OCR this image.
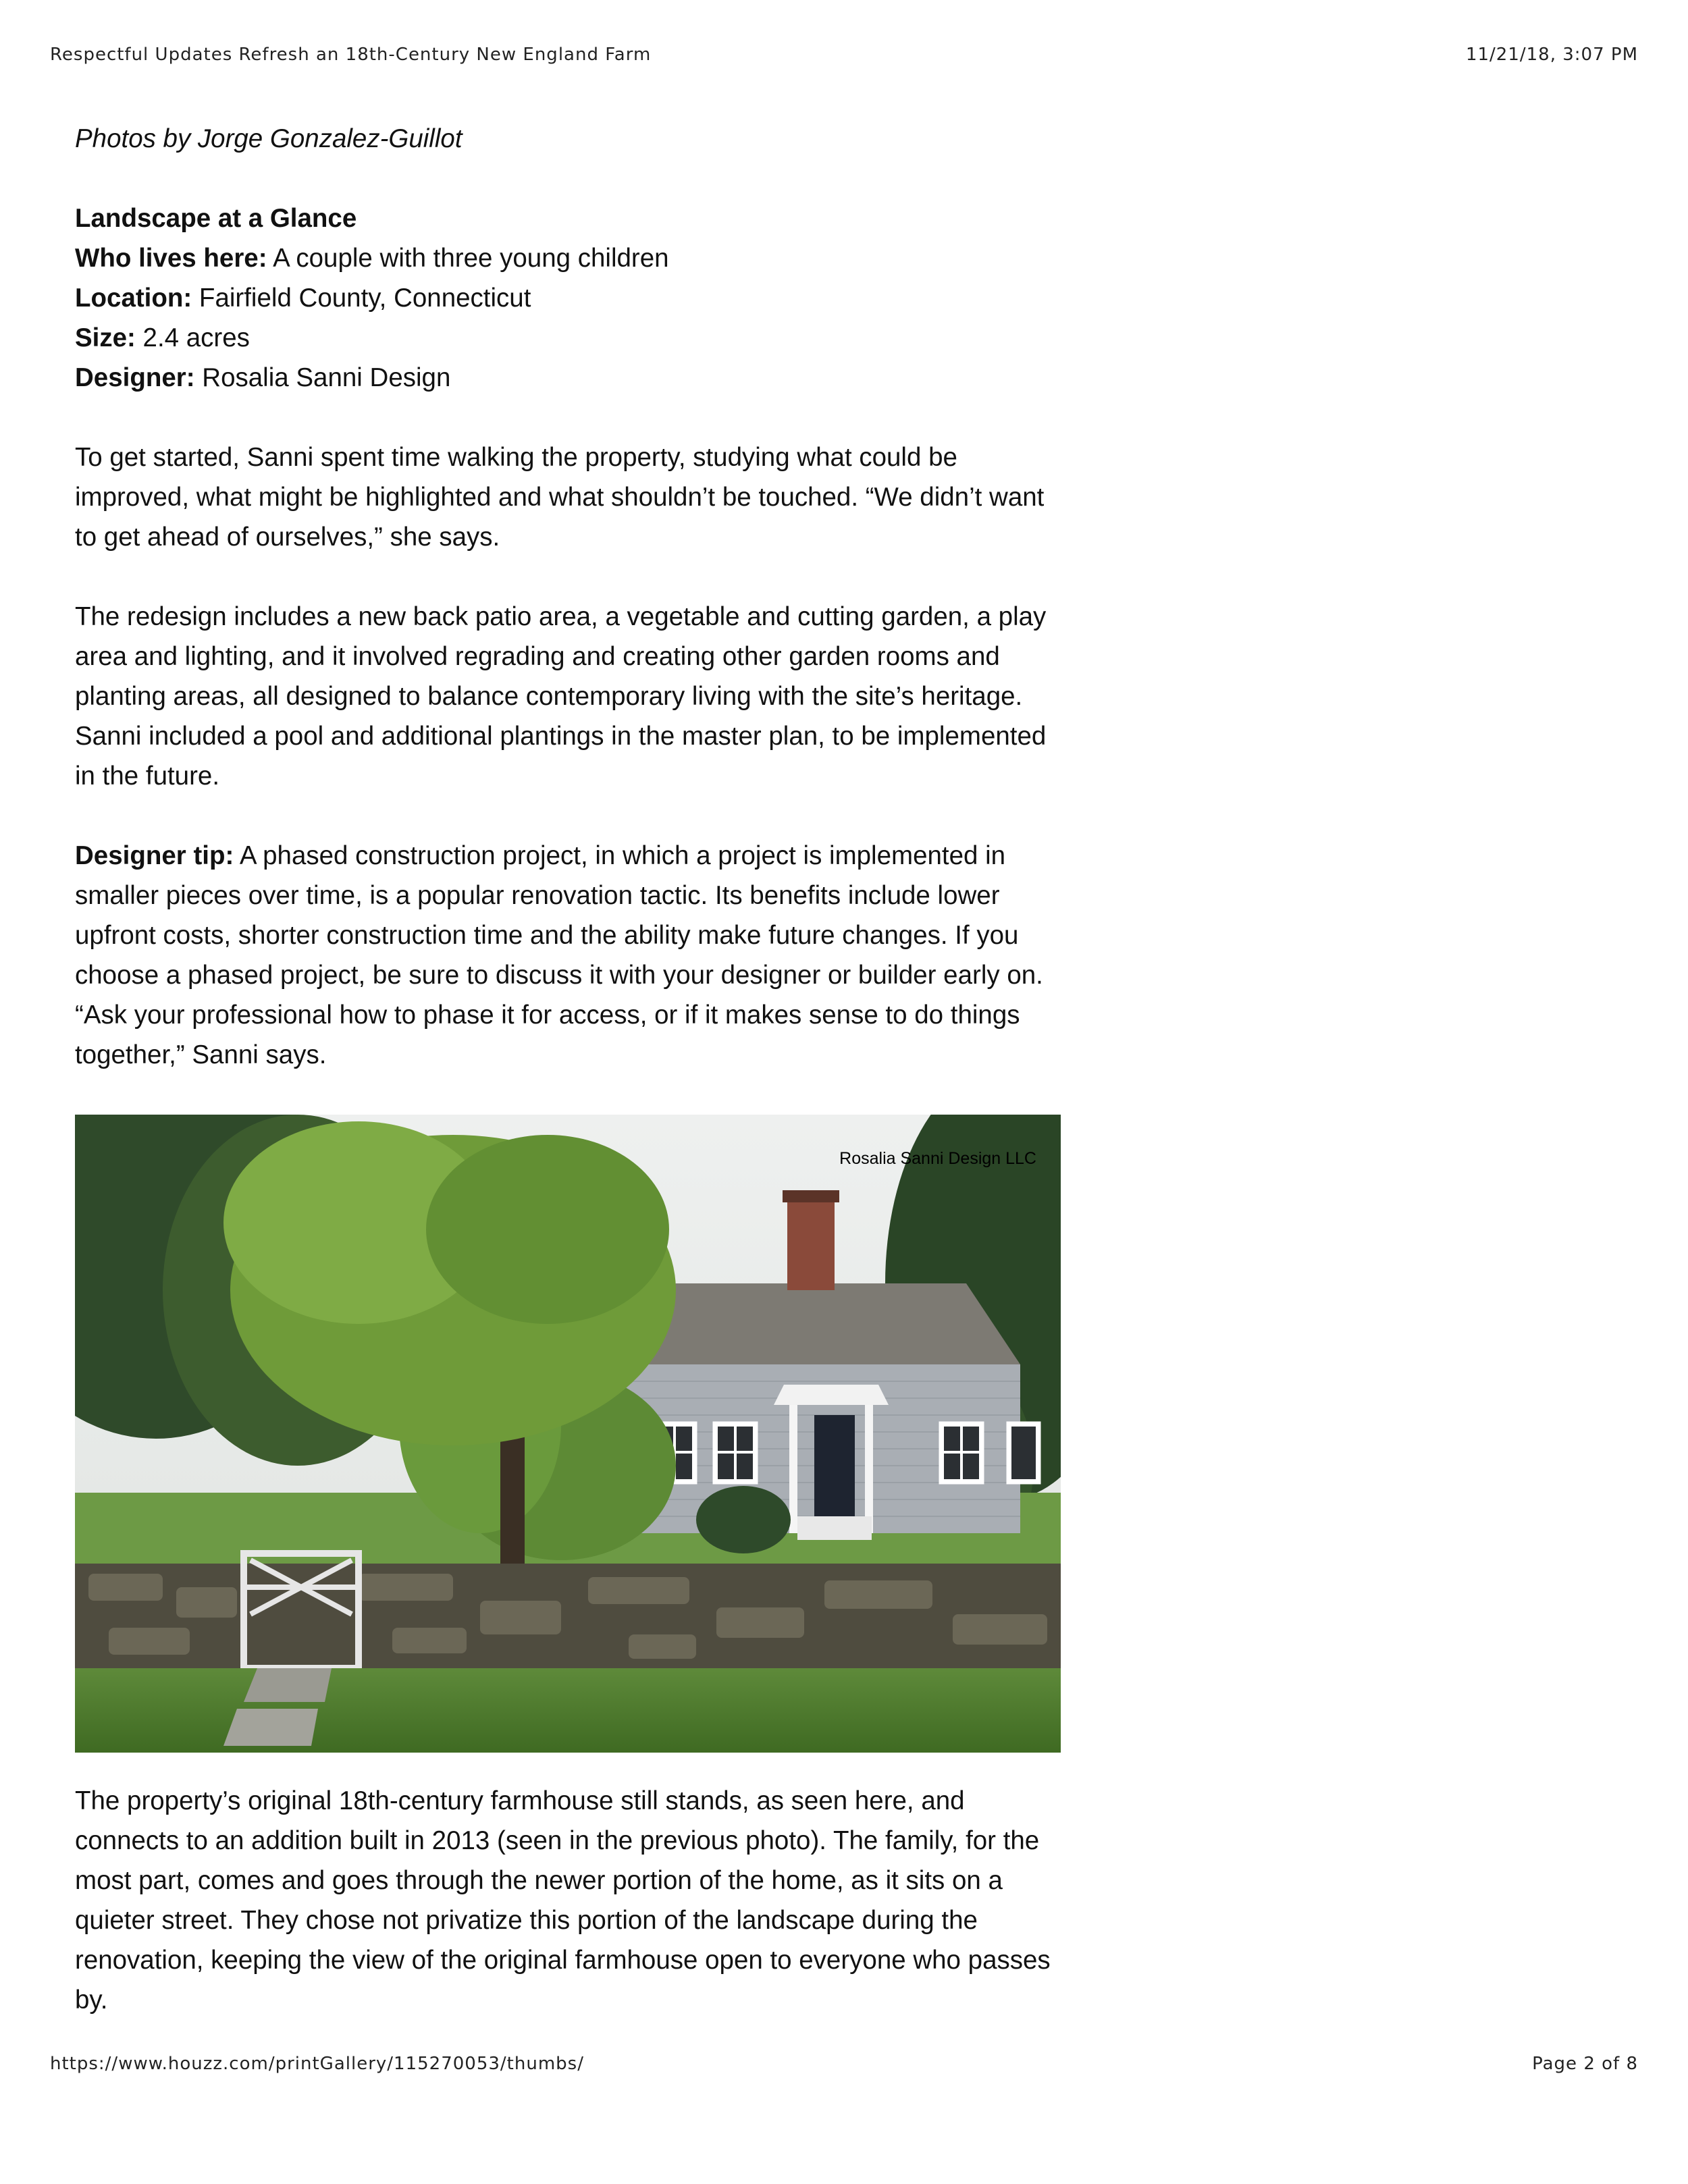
Respectful Updates Refresh an 18th-Century New England Farm	11/21/18, 3:07 PM

Photos by Jorge Gonzalez-Guillot

Landscape at a Glance
Who lives here: A couple with three young children
Location: Fairfield County, Connecticut
Size: 2.4 acres
Designer: Rosalia Sanni Design

To get started, Sanni spent time walking the property, studying what could be improved, what might be highlighted and what shouldn’t be touched. “We didn’t want to get ahead of ourselves,” she says.

The redesign includes a new back patio area, a vegetable and cutting garden, a play area and lighting, and it involved regrading and creating other garden rooms and planting areas, all designed to balance contemporary living with the site’s heritage. Sanni included a pool and additional plantings in the master plan, to be implemented in the future.

Designer tip: A phased construction project, in which a project is implemented in smaller pieces over time, is a popular renovation tactic. Its benefits include lower upfront costs, shorter construction time and the ability make future changes. If you choose a phased project, be sure to discuss it with your designer or builder early on. “Ask your professional how to phase it for access, or if it makes sense to do things together,” Sanni says.

Rosalia Sanni Design LLC

The property’s original 18th-century farmhouse still stands, as seen here, and connects to an addition built in 2013 (seen in the previous photo). The family, for the most part, comes and goes through the newer portion of the home, as it sits on a quieter street. They chose not privatize this portion of the landscape during the renovation, keeping the view of the original farmhouse open to everyone who passes by.

https://www.houzz.com/printGallery/115270053/thumbs/	Page 2 of 8
